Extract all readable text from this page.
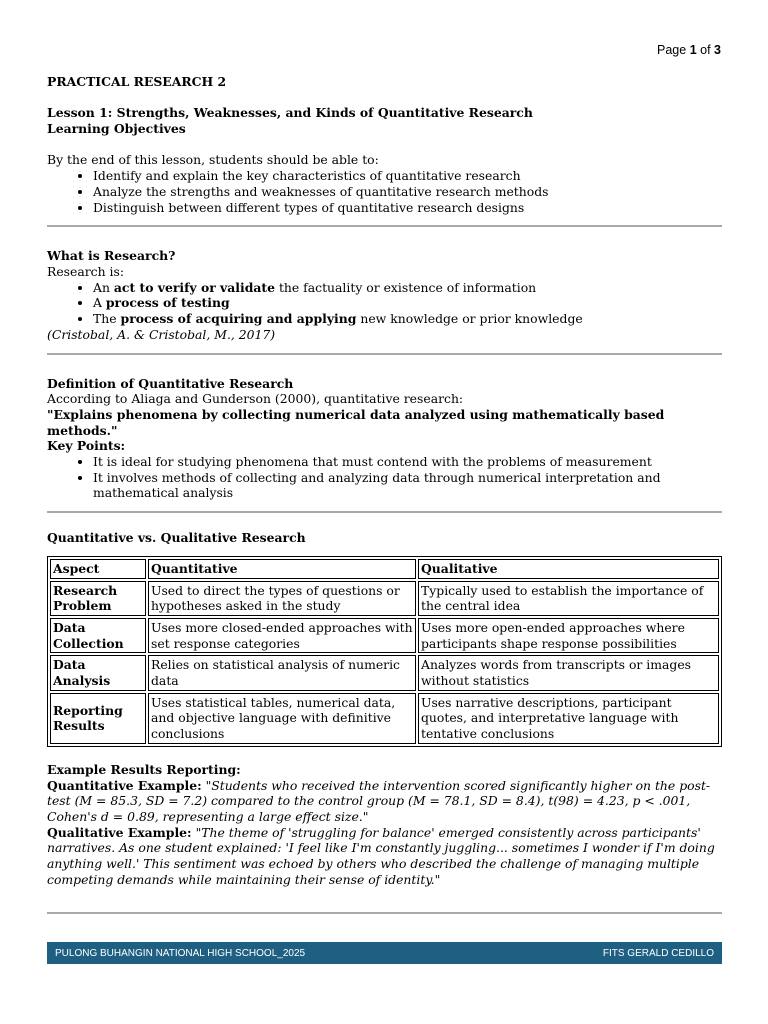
Page 1 of 3

PRACTICAL RESEARCH 2

Lesson 1: Strengths, Weaknesses, and Kinds of Quantitative Research

Learning Objectives

By the end of this lesson, students should be able to:

• Identify and explain the key characteristics of quantitative research
• Analyze the strengths and weaknesses of quantitative research methods
• Distinguish between different types of quantitative research designs

What is Research?

Research is:

• An act to verify or validate the factuality or existence of information
• A process of testing
• The process of acquiring and applying new knowledge or prior knowledge

(Cristobal, A. & Cristobal, M., 2017)

Definition of Quantitative Research

According to Aliaga and Gunderson (2000), quantitative research:

"Explains phenomena by collecting numerical data analyzed using mathematically based methods."

Key Points:

• It is ideal for studying phenomena that must contend with the problems of measurement
• It involves methods of collecting and analyzing data through numerical interpretation and mathematical analysis

Quantitative vs. Qualitative Research

Aspect	Quantitative	Qualitative
Research Problem	Used to direct the types of questions or hypotheses asked in the study	Typically used to establish the importance of the central idea
Data Collection	Uses more closed-ended approaches with set response categories	Uses more open-ended approaches where participants shape response possibilities
Data Analysis	Relies on statistical analysis of numeric data	Analyzes words from transcripts or images without statistics
Reporting Results	Uses statistical tables, numerical data, and objective language with definitive conclusions	Uses narrative descriptions, participant quotes, and interpretative language with tentative conclusions

Example Results Reporting:

Quantitative Example: "Students who received the intervention scored significantly higher on the post-test (M = 85.3, SD = 7.2) compared to the control group (M = 78.1, SD = 8.4), t(98) = 4.23, p < .001, Cohen's d = 0.89, representing a large effect size."

Qualitative Example: "The theme of 'struggling for balance' emerged consistently across participants' narratives. As one student explained: 'I feel like I'm constantly juggling... sometimes I wonder if I'm doing anything well.' This sentiment was echoed by others who described the challenge of managing multiple competing demands while maintaining their sense of identity."

PULONG BUHANGIN NATIONAL HIGH SCHOOL_2025	FITS GERALD CEDILLO
